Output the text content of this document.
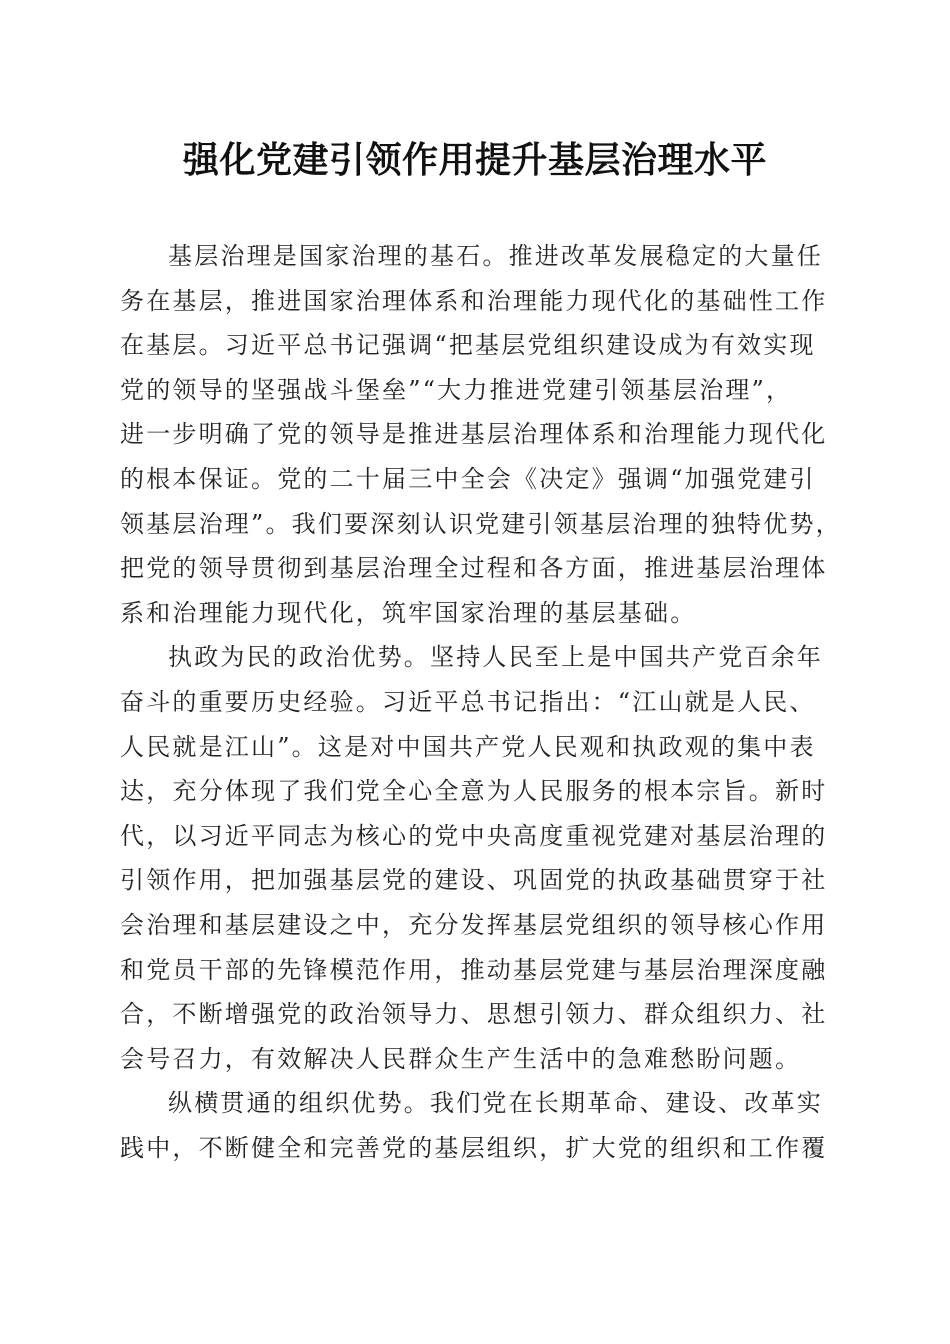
强化党建引领作用提升基层治理水平
基层治理是国家治理的基石。推进改革发展稳定的大量任
务在基层，推进国家治理体系和治理能力现代化的基础性工作
在基层。习近平总书记强调“把基层党组织建设成为有效实现
党的领导的坚强战斗堡垒”“大力推进党建引领基层治理”，
进一步明确了党的领导是推进基层治理体系和治理能力现代化
的根本保证。党的二十届三中全会《决定》强调“加强党建引
领基层治理”。我们要深刻认识党建引领基层治理的独特优势，
把党的领导贯彻到基层治理全过程和各方面，推进基层治理体
系和治理能力现代化，筑牢国家治理的基层基础。
执政为民的政治优势。坚持人民至上是中国共产党百余年
奋斗的重要历史经验。习近平总书记指出：“江山就是人民、
人民就是江山”。这是对中国共产党人民观和执政观的集中表
达，充分体现了我们党全心全意为人民服务的根本宗旨。新时
代，以习近平同志为核心的党中央高度重视党建对基层治理的
引领作用，把加强基层党的建设、巩固党的执政基础贯穿于社
会治理和基层建设之中，充分发挥基层党组织的领导核心作用
和党员干部的先锋模范作用，推动基层党建与基层治理深度融
合，不断增强党的政治领导力、思想引领力、群众组织力、社
会号召力，有效解决人民群众生产生活中的急难愁盼问题。
纵横贯通的组织优势。我们党在长期革命、建设、改革实
践中，不断健全和完善党的基层组织，扩大党的组织和工作覆
